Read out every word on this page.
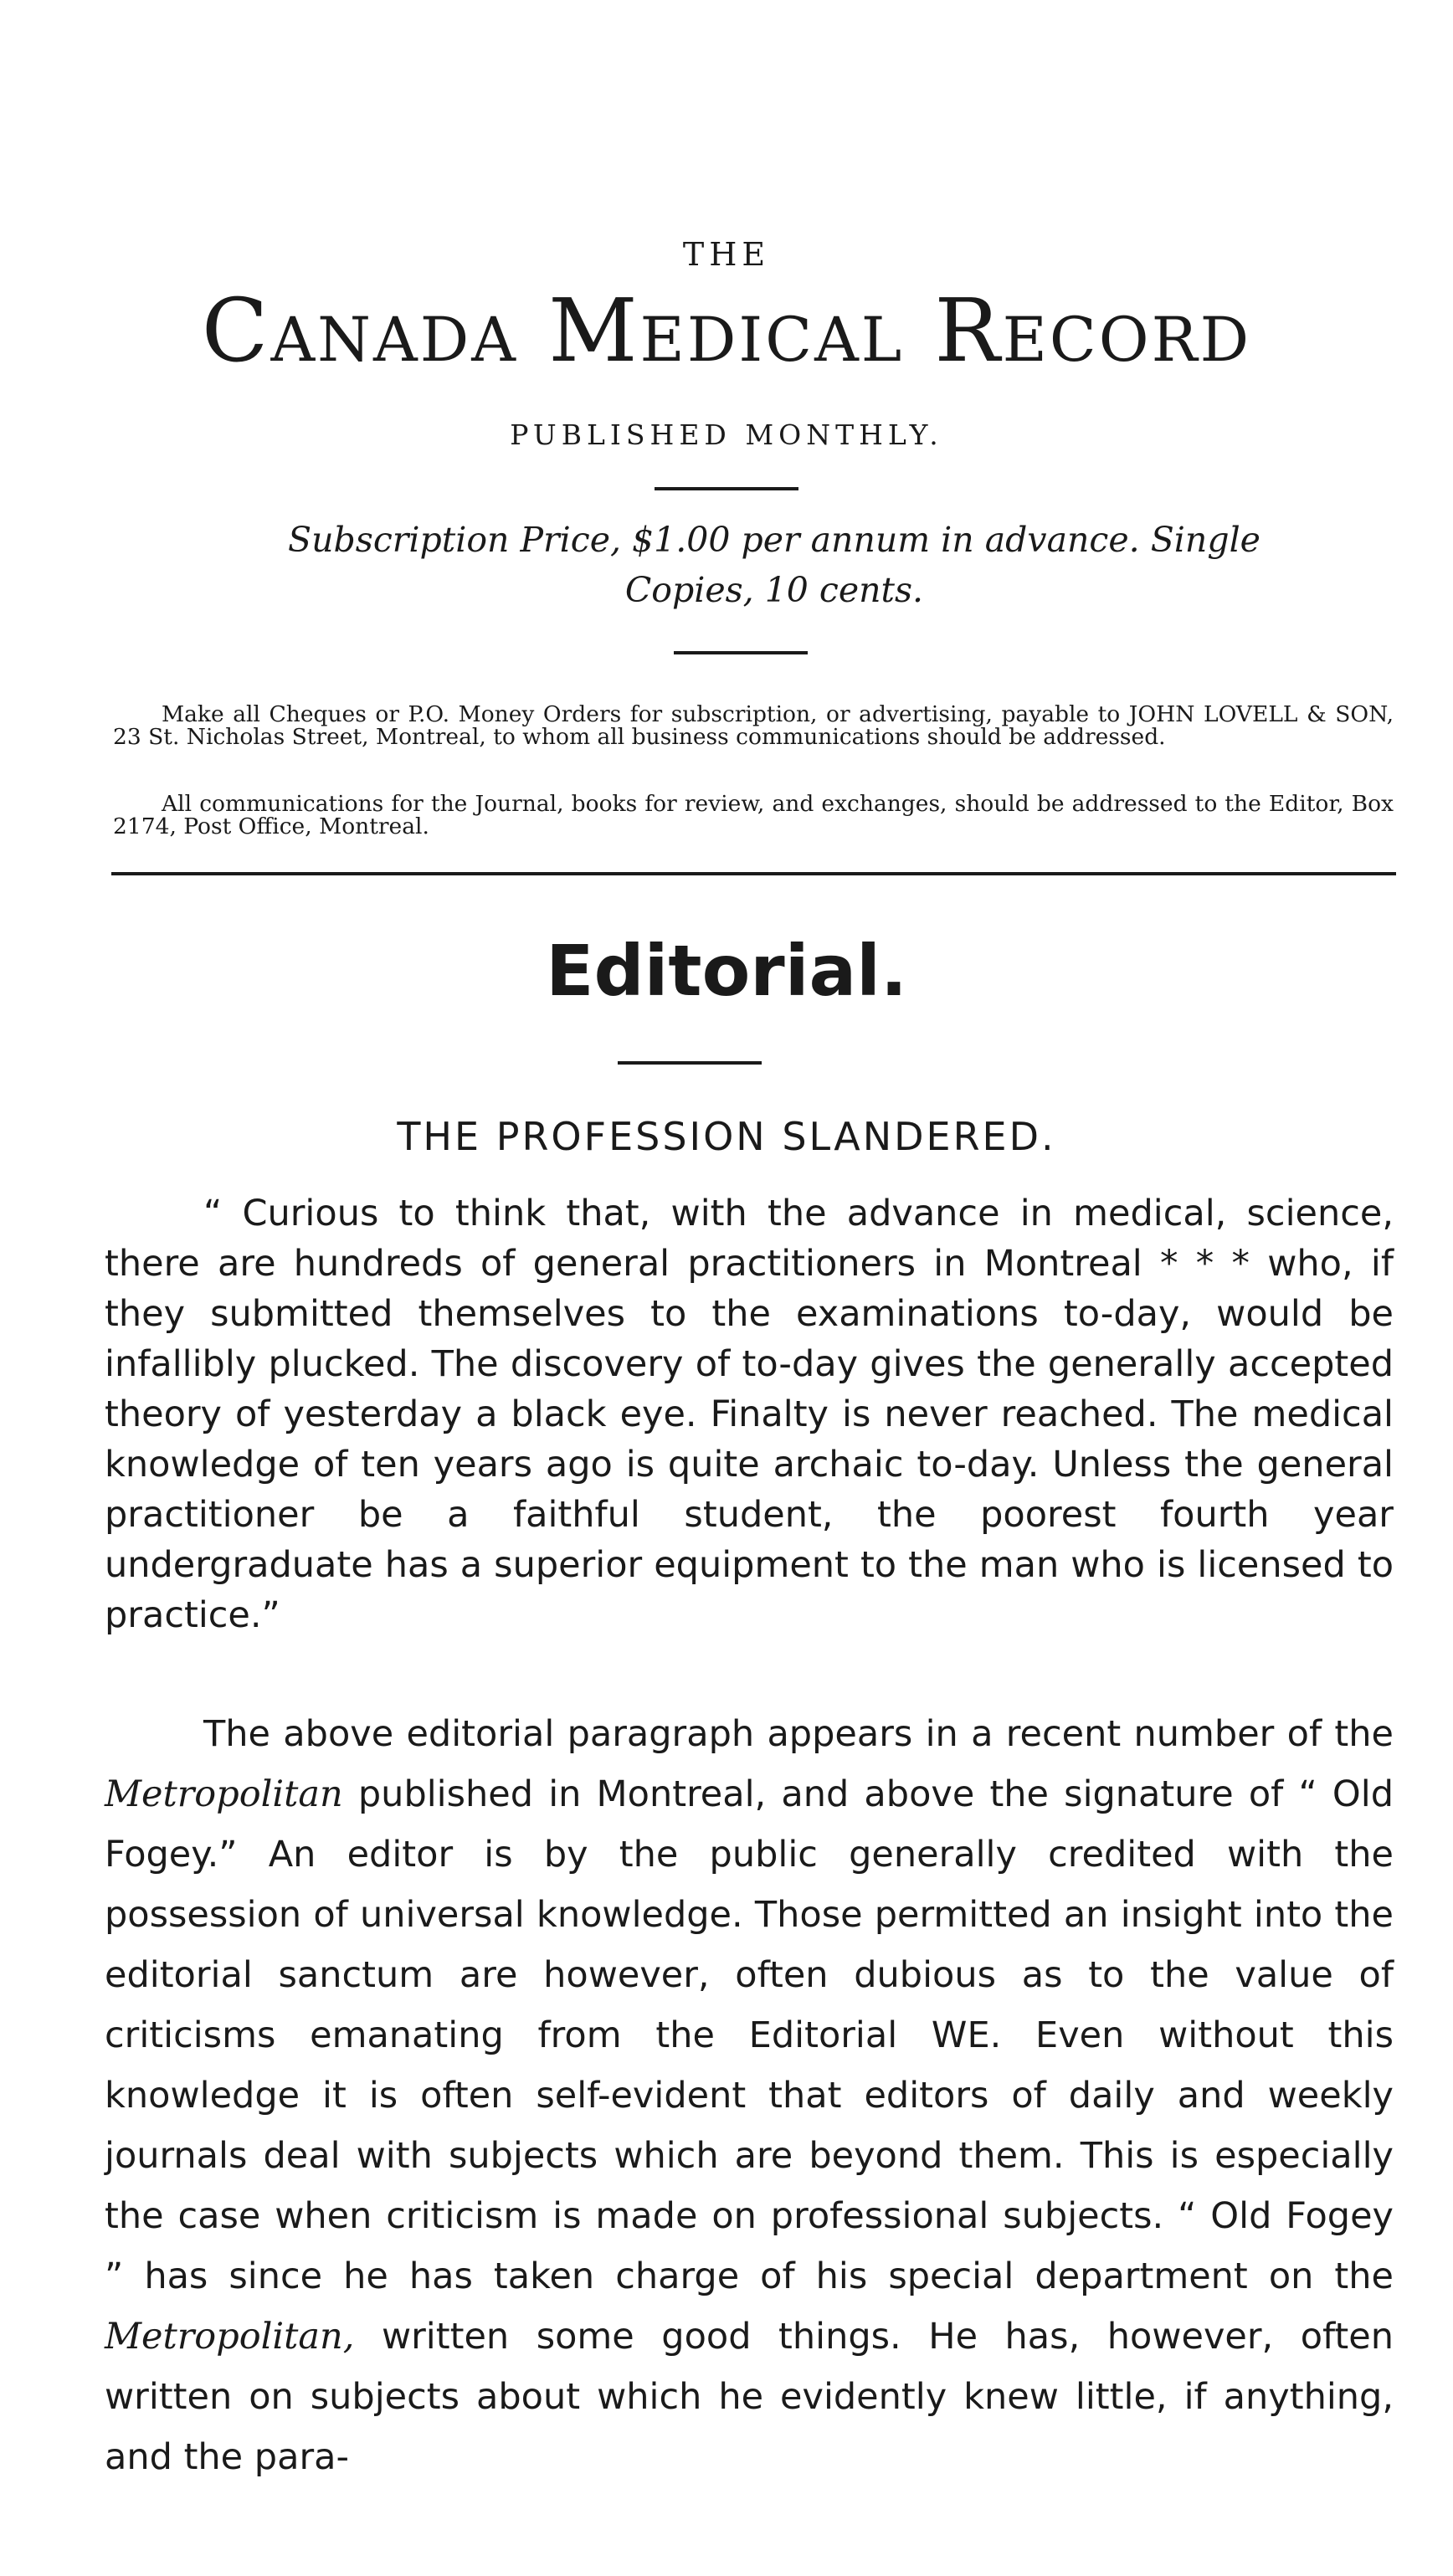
THE
Canada Medical Record
PUBLISHED MONTHLY.
Subscription Price, $1.00 per annum in advance. Single
Copies, 10 cents.
Make all Cheques or P.O. Money Orders for subscription, or advertising, payable to JOHN LOVELL & SON, 23 St. Nicholas Street, Montreal, to whom all business communications should be addressed.
All communications for the Journal, books for review, and exchanges, should be addressed to the Editor, Box 2174, Post Office, Montreal.
Editorial.
THE PROFESSION SLANDERED.

“ Curious to think that, with the advance in medical, science, there are hundreds of general practitioners in Montreal * * * who, if they submitted themselves to the examinations to-day, would be infallibly plucked. The discovery of to-day gives the generally accepted theory of yesterday a black eye. Finalty is never reached. The medical knowledge of ten years ago is quite archaic to-day. Unless the general practitioner be a faithful student, the poorest fourth year undergraduate has a superior equipment to the man who is licensed to practice.”

The above editorial paragraph appears in a recent number of the Metropolitan published in Montreal, and above the signature of “ Old Fogey.” An editor is by the public generally credited with the possession of universal knowledge. Those permitted an insight into the editorial sanctum are however, often dubious as to the value of criticisms emanating from the Editorial WE. Even without this knowledge it is often self-evident that editors of daily and weekly journals deal with subjects which are beyond them. This is especially the case when criticism is made on professional subjects. “ Old Fogey ” has since he has taken charge of his special department on the Metropolitan, written some good things. He has, however, often written on subjects about which he evidently knew little, if anything, and the para-
